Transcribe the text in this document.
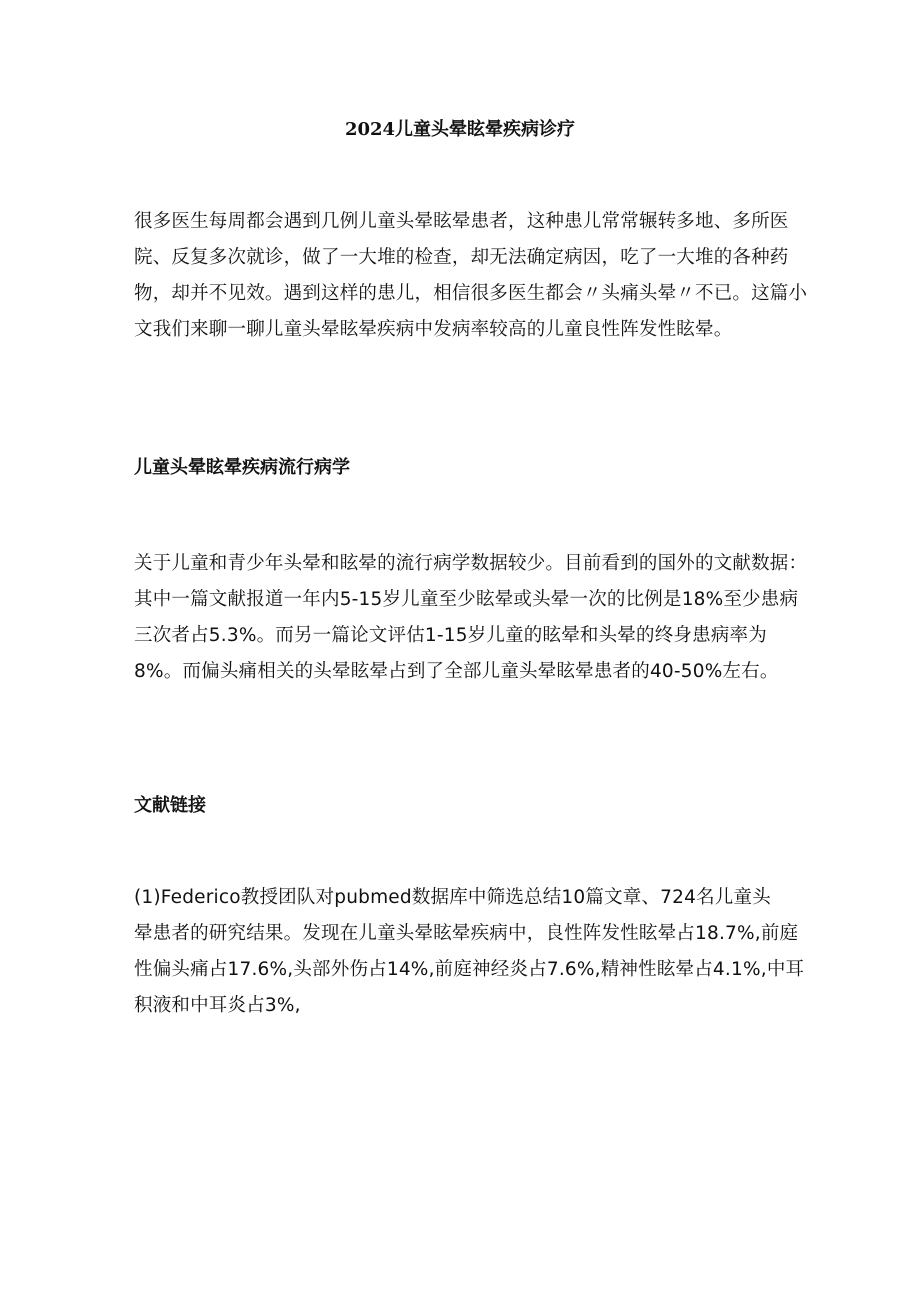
2024儿童头晕眩晕疾病诊疗

很多医生每周都会遇到几例儿童头晕眩晕患者，这种患儿常常辗转多地、多所医
院、反复多次就诊，做了一大堆的检查，却无法确定病因，吃了一大堆的各种药
物，却并不见效。遇到这样的患儿，相信很多医生都会〃头痛头晕〃不已。这篇小
文我们来聊一聊儿童头晕眩晕疾病中发病率较高的儿童良性阵发性眩晕。

儿童头晕眩晕疾病流行病学

关于儿童和青少年头晕和眩晕的流行病学数据较少。目前看到的国外的文献数据：
其中一篇文献报道一年内5-15岁儿童至少眩晕或头晕一次的比例是18%至少患病
三次者占5.3%。而另一篇论文评估1-15岁儿童的眩晕和头晕的终身患病率为
8%。而偏头痛相关的头晕眩晕占到了全部儿童头晕眩晕患者的40-50%左右。

文献链接

(1)Federico教授团队对pubmed数据库中筛选总结10篇文章、724名儿童头
晕患者的研究结果。发现在儿童头晕眩晕疾病中，良性阵发性眩晕占18.7%,前庭
性偏头痛占17.6%,头部外伤占14%,前庭神经炎占7.6%,精神性眩晕占4.1%,中耳
积液和中耳炎占3%,
